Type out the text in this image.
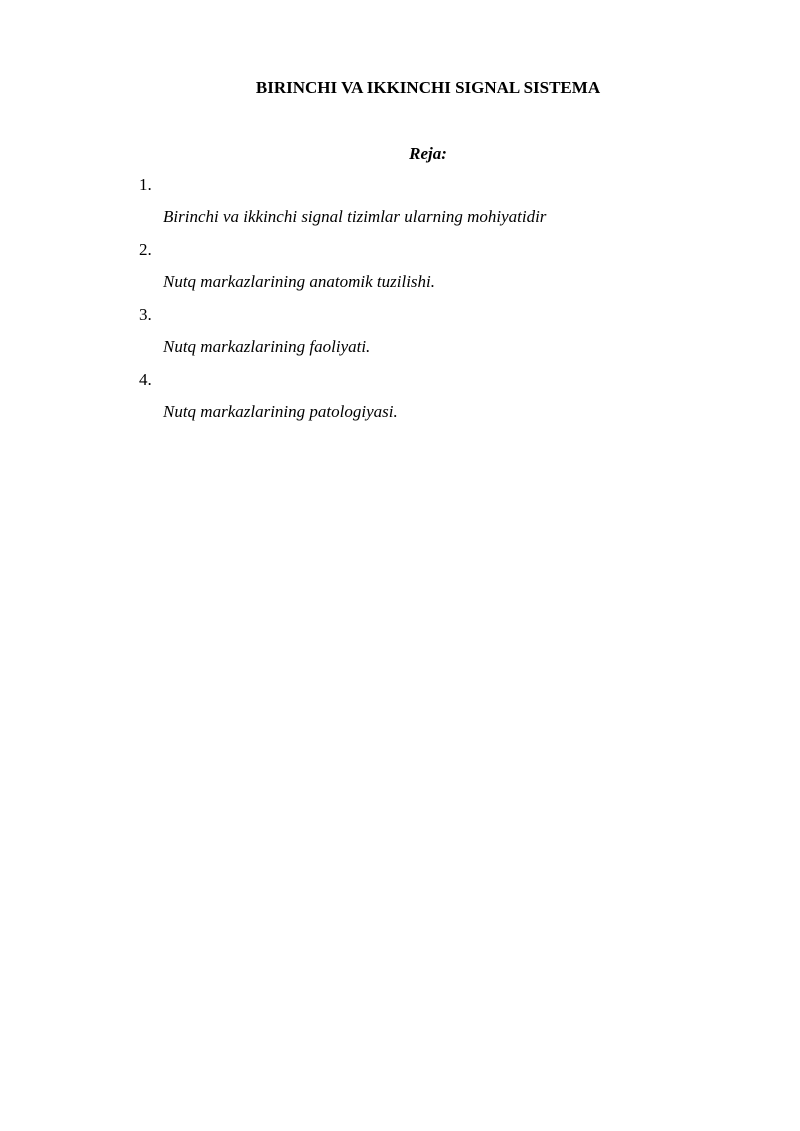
BIRINCHI VA IKKINCHI SIGNAL SISTEMA
Reja:
1.
Birinchi va ikkinchi signal tizimlar ularning mohiyatidir
2.
Nutq markazlarining anatomik tuzilishi.
3.
Nutq markazlarining faoliyati.
4.
Nutq markazlarining patologiyasi.
